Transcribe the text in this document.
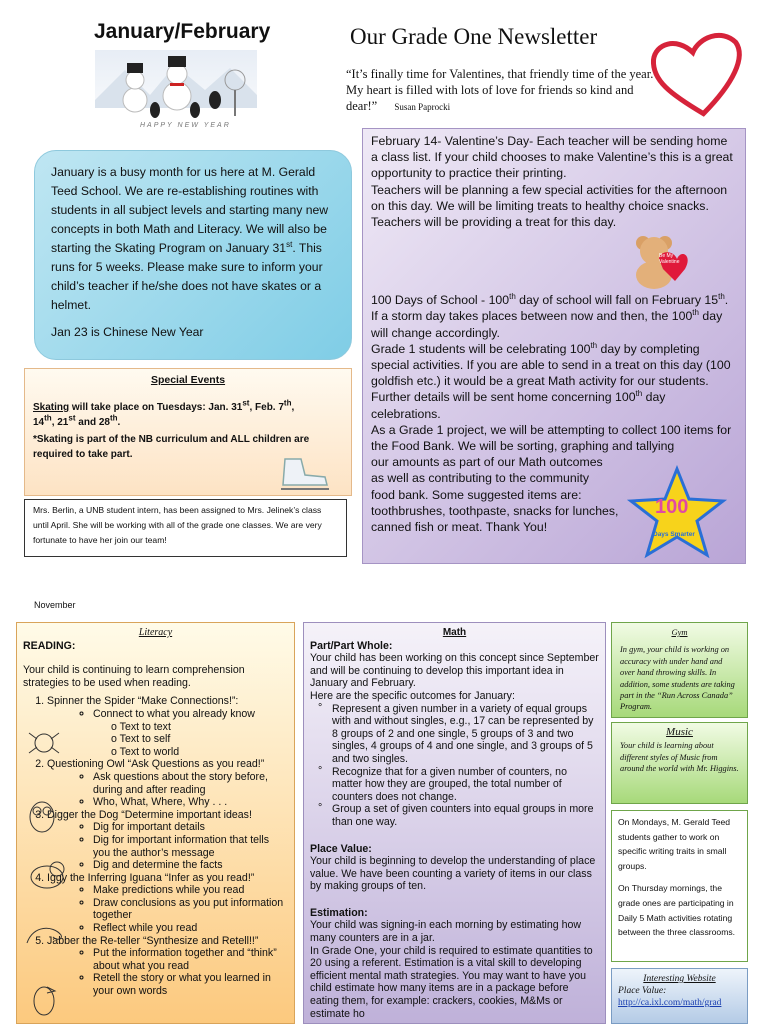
January/February	Our Grade One Newsletter
HAPPY NEW YEAR
“It’s finally time for Valentines, that friendly time of the year. My heart is filled with lots of love for friends so kind and dear!” Susan Paprocki

January is a busy month for us here at M. Gerald Teed School. We are re-establishing routines with students in all subject levels and starting many new concepts in both Math and Literacy. We will also be starting the Skating Program on January 31st. This runs for 5 weeks. Please make sure to inform your child’s teacher if he/she does not have skates or a helmet.

Jan 23 is Chinese New Year

February 14- Valentine’s Day- Each teacher will be sending home a class list. If your child chooses to make Valentine’s this is a great opportunity to practice their printing.

Teachers will be planning a few special activities for the afternoon on this day. We will be limiting treats to healthy choice snacks. Teachers will be providing a treat for this day.

Be My Valentine

100 Days of School - 100th day of school will fall on February 15th. If a storm day takes places between now and then, the 100th day will change accordingly.

Grade 1 students will be celebrating 100th day by completing special activities. If you are able to send in a treat on this day (100 goldfish etc.) it would be a great Math activity for our students. Further details will be sent home concerning 100th day celebrations.

As a Grade 1 project, we will be attempting to collect 100 items for the Food Bank. We will be sorting, graphing and tallying

our amounts as part of our Math outcomes

as well as contributing to the community

food bank. Some suggested items are:

toothbrushes, toothpaste, snacks for lunches,

canned fish or meat. Thank You!

100
Days Smarter
Special Events
Skating will take place on Tuesdays: Jan. 31st, Feb. 7th,
14th, 21st and 28th.
*Skating is part of the NB curriculum and ALL children are required to take part.
Mrs. Berlin, a UNB student intern, has been assigned to Mrs. Jelinek’s class until April. She will be working with all of the grade one classes. We are very fortunate to have her join our team!
November
Literacy
READING:
Your child is continuing to learn comprehension strategies to be used when reading.
1. Spinner the Spider “Make Connections!”:
◦ Connect to what you already know
o Text to text
o Text to self
o Text to world
2. Questioning Owl “Ask Questions as you read!”
◦ Ask questions about the story before, during and after reading
◦ Who, What, Where, Why . . .
3. Digger the Dog “Determine important ideas!
◦ Dig for important details
◦ Dig for important information that tells you the author’s message
◦ Dig and determine the facts
4. Iggy the Inferring Iguana “Infer as you read!”
◦ Make predictions while you read
◦ Draw conclusions as you put information together
◦ Reflect while you read
5. Jabber the Re-teller “Synthesize and Retell!!”
◦ Put the information together and “think” about what you read
◦ Retell the story or what you learned in your own words
Math

Part/Part Whole:

Your child has been working on this concept since September and will be continuing to develop this important idea in January and February.

Here are the specific outcomes for January:

° Represent a given number in a variety of equal groups with and without singles, e.g., 17 can be represented by 8 groups of 2 and one single, 5 groups of 3 and two singles, 4 groups of 4 and one single, and 3 groups of 5 and two singles.
° Recognize that for a given number of counters, no matter how they are grouped, the total number of counters does not change.
° Group a set of given counters into equal groups in more than one way.

Place Value:

Your child is beginning to develop the understanding of place value. We have been counting a variety of items in our class by making groups of ten.

Estimation:

Your child was signing-in each morning by estimating how many counters are in a jar.

In Grade One, your child is required to estimate quantities to 20 using a referent. Estimation is a vital skill to developing efficient mental math strategies. You may want to have you child estimate how many items are in a package before eating them, for example: crackers, cookies, M&Ms or estimate ho

Gym
In gym, your child is working on accuracy with under hand and over hand throwing skills. In addition, some students are taking part in the “Run Across Canada” Program.
Music
Your child is learning about different styles of Music from around the world with Mr. Higgins.

On Mondays, M. Gerald Teed students gather to work on specific writing traits in small groups.

On Thursday mornings, the grade ones are participating in Daily 5 Math activities rotating between the three classrooms.

Interesting Website
Place Value:
http://ca.ixl.com/math/grad
